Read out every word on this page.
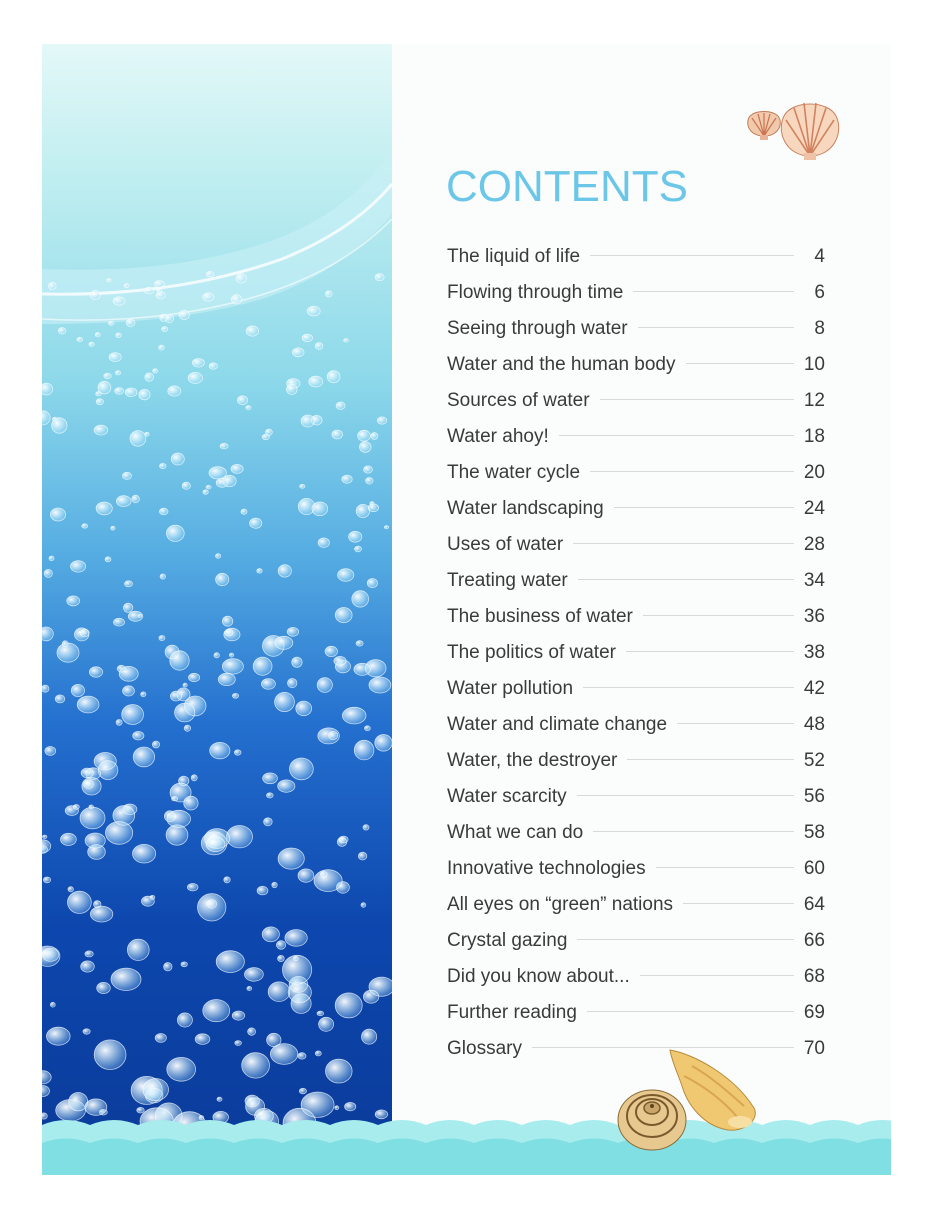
CONTENTS
The liquid of life	4
Flowing through time	6
Seeing through water	8
Water and the human body	10
Sources of water	12
Water ahoy!	18
The water cycle	20
Water landscaping	24
Uses of water	28
Treating water	34
The business of water	36
The politics of water	38
Water pollution	42
Water and climate change	48
Water, the destroyer	52
Water scarcity	56
What we can do	58
Innovative technologies	60
All eyes on “green” nations	64
Crystal gazing	66
Did you know about...	68
Further reading	69
Glossary	70
